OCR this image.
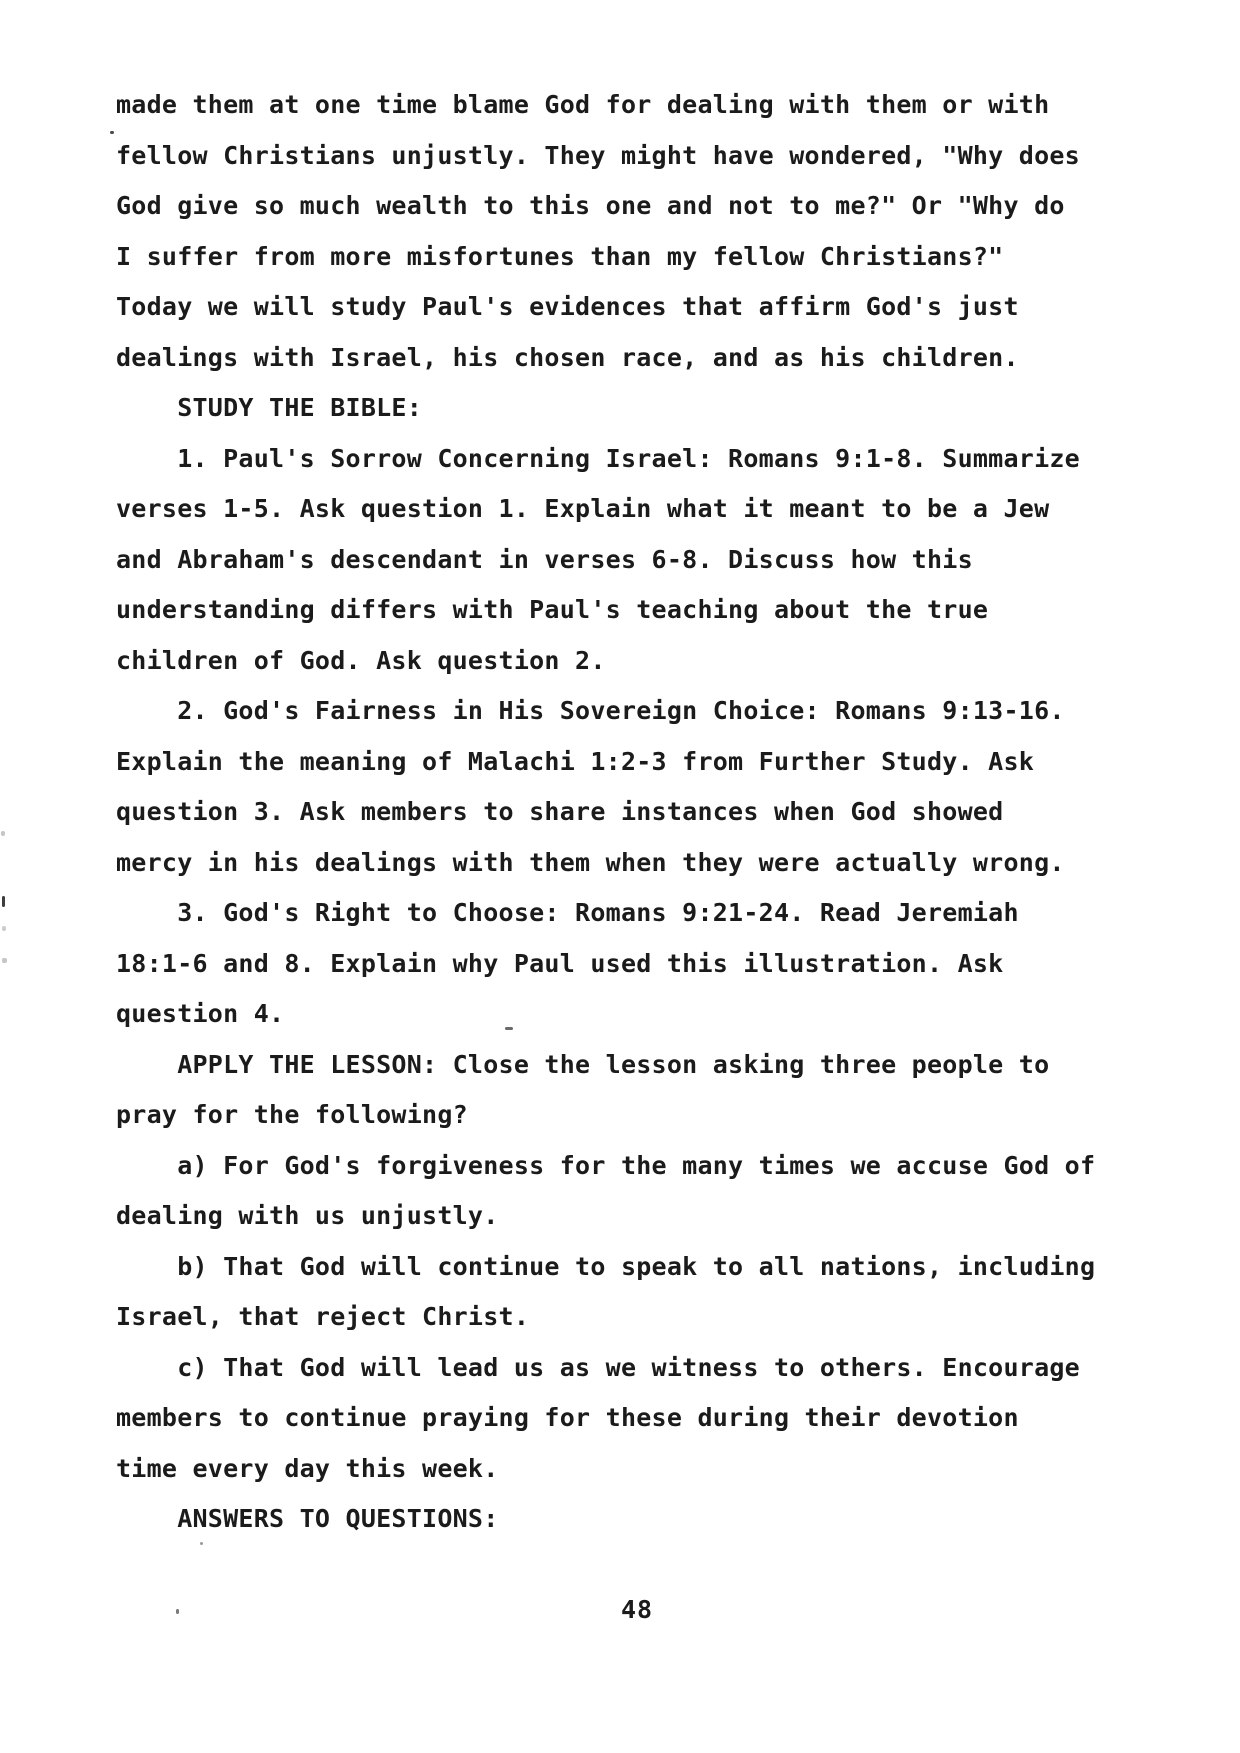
made them at one time blame God for dealing with them or with
fellow Christians unjustly. They might have wondered, "Why does
God give so much wealth to this one and not to me?" Or "Why do
I suffer from more misfortunes than my fellow Christians?"
Today we will study Paul's evidences that affirm God's just
dealings with Israel, his chosen race, and as his children.
STUDY THE BIBLE:
1. Paul's Sorrow Concerning Israel: Romans 9:1-8. Summarize
verses 1-5. Ask question 1. Explain what it meant to be a Jew
and Abraham's descendant in verses 6-8. Discuss how this
understanding differs with Paul's teaching about the true
children of God. Ask question 2.
2. God's Fairness in His Sovereign Choice: Romans 9:13-16.
Explain the meaning of Malachi 1:2-3 from Further Study. Ask
question 3. Ask members to share instances when God showed
mercy in his dealings with them when they were actually wrong.
3. God's Right to Choose: Romans 9:21-24. Read Jeremiah
18:1-6 and 8. Explain why Paul used this illustration. Ask
question 4.
APPLY THE LESSON: Close the lesson asking three people to
pray for the following?
a) For God's forgiveness for the many times we accuse God of
dealing with us unjustly.
b) That God will continue to speak to all nations, including
Israel, that reject Christ.
c) That God will lead us as we witness to others. Encourage
members to continue praying for these during their devotion
time every day this week.
ANSWERS TO QUESTIONS:
48
